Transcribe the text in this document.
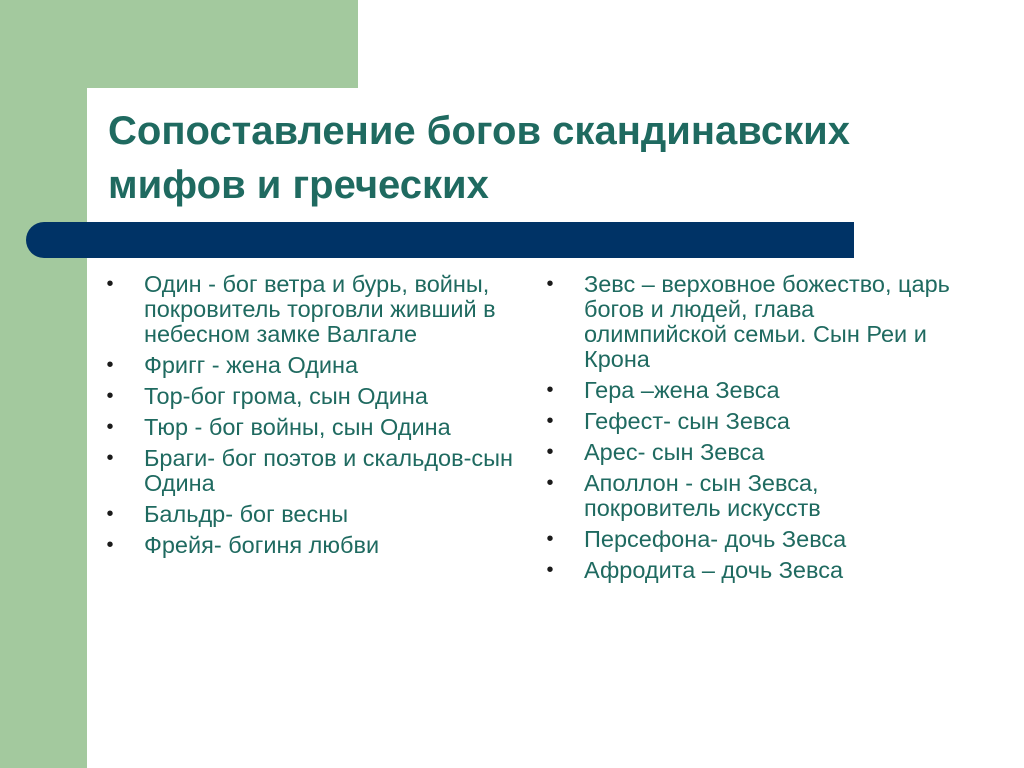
Сопоставление богов скандинавских
мифов и греческих
• Один - бог ветра и бурь, войны, покровитель торговли живший в небесном замке Валгале
• Фригг - жена Одина
• Тор-бог грома, сын Одина
• Тюр - бог войны, сын Одина
• Браги- бог поэтов и скальдов-сын Одина
• Бальдр- бог весны
• Фрейя- богиня любви
• Зевс – верховное божество, царь богов и людей, глава олимпийской семьи. Сын Реи и Крона
• Гера –жена Зевса
• Гефест- сын Зевса
• Арес- сын Зевса
• Аполлон - сын Зевса, покровитель искусств
• Персефона- дочь Зевса
• Афродита – дочь Зевса
